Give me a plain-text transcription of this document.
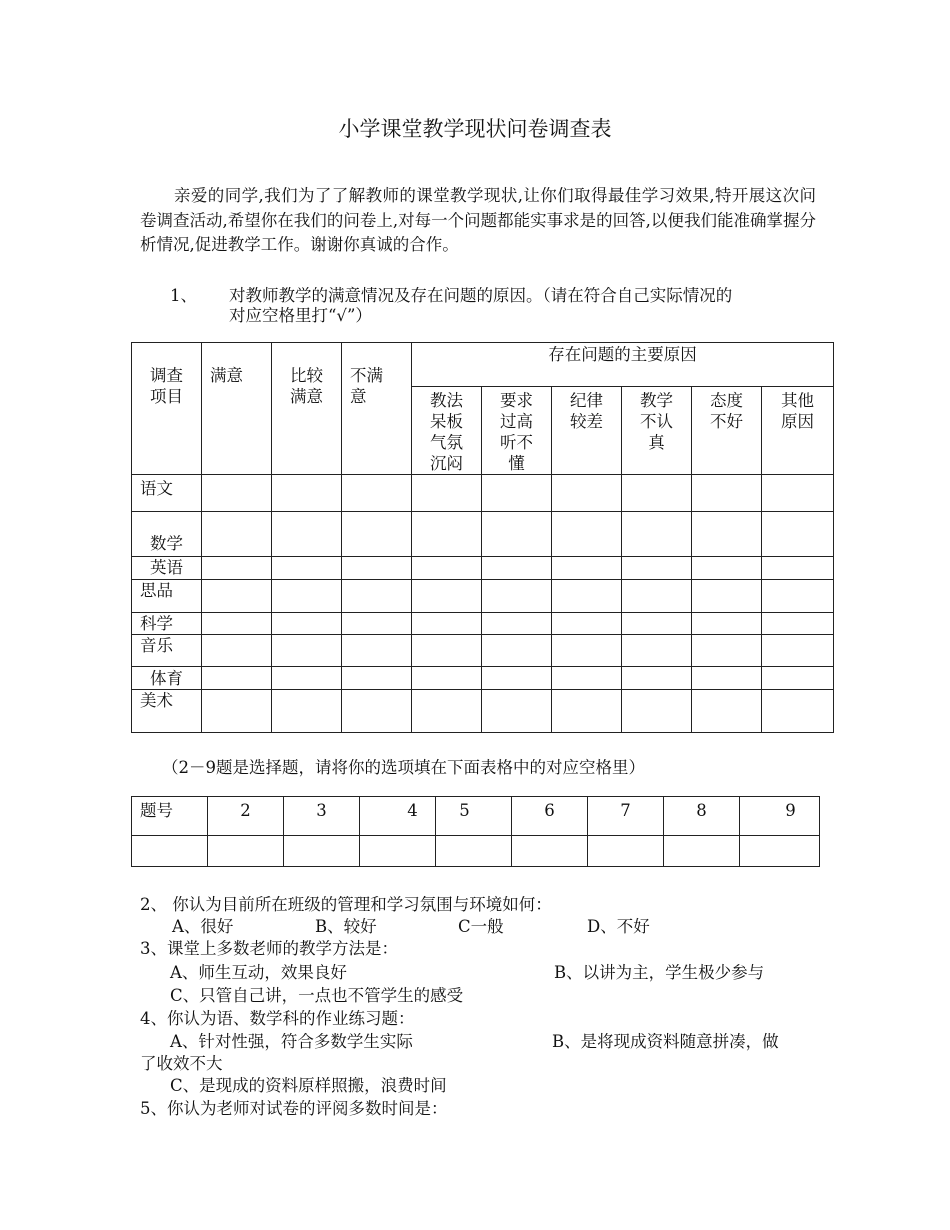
小学课堂教学现状问卷调查表
亲爱的同学,我们为了了解教师的课堂教学现状,让你们取得最佳学习效果,特开展这次问卷调查活动,希望你在我们的问卷上,对每一个问题都能实事求是的回答,以便我们能准确掌握分析情况,促进教学工作。谢谢你真诚的合作。
1、 对教师教学的满意情况及存在问题的原因。（请在符合自己实际情况的
对应空格里打“√”）
调查项目	满意	比较满意	不满意	存在问题的主要原因					
				教法呆板气氛沉闷	要求过高听不懂	纪律较差	教学不认真	态度不好	其他原因
语文									
数学									
英语									
思品									
科学									
音乐									
体育									
美术									
（2－9题是选择题，请将你的选项填在下面表格中的对应空格里）
题号	2	3	4	5	6	7	8	9

2、 你认为目前所在班级的管理和学习氛围与环境如何：
A、很好	B、较好	C一般	D、不好
3、课堂上多数老师的教学方法是：
A、师生互动，效果良好	B、以讲为主，学生极少参与
C、只管自己讲，一点也不管学生的感受
4、你认为语、数学科的作业练习题：
A、针对性强，符合多数学生实际	B、是将现成资料随意拼凑，做
了收效不大
C、是现成的资料原样照搬，浪费时间
5、你认为老师对试卷的评阅多数时间是：
